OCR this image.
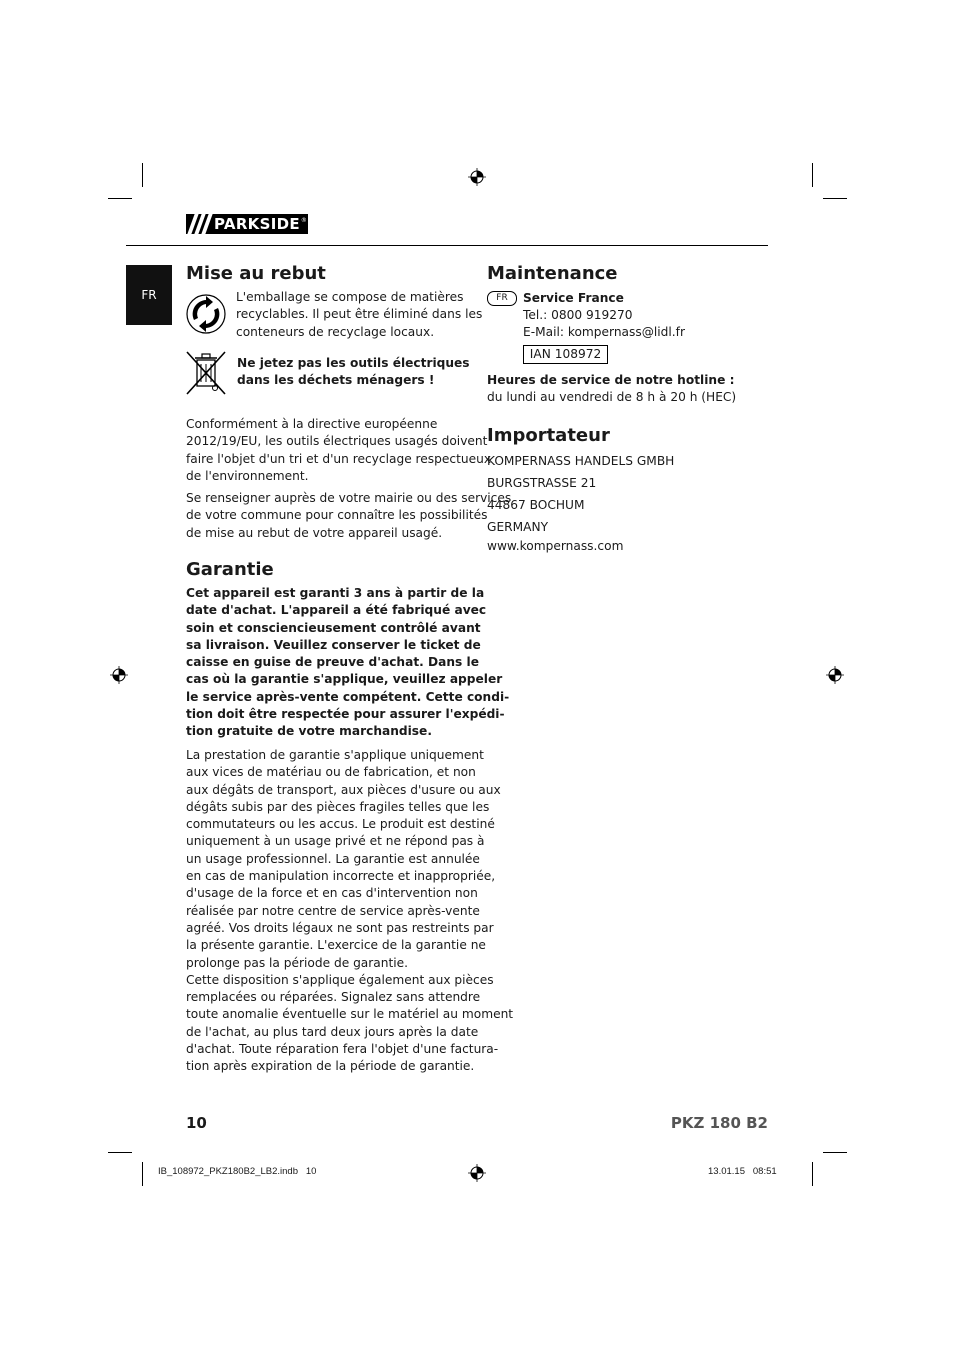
PARKSIDE ®
FR
Mise au rebut
L'emballage se compose de matières
recyclables. Il peut être éliminé dans les
conteneurs de recyclage locaux.
Ne jetez pas les outils électriques
dans les déchets ménagers !
Conformément à la directive européenne
2012/19/EU, les outils électriques usagés doivent
faire l'objet d'un tri et d'un recyclage respectueux
de l'environnement.
Se renseigner auprès de votre mairie ou des services
de votre commune pour connaître les possibilités
de mise au rebut de votre appareil usagé.
Garantie
Cet appareil est garanti 3 ans à partir de la
date d'achat. L'appareil a été fabriqué avec
soin et consciencieusement contrôlé avant
sa livraison. Veuillez conserver le ticket de
caisse en guise de preuve d'achat. Dans le
cas où la garantie s'applique, veuillez appeler
le service après-vente compétent. Cette condi-
tion doit être respectée pour assurer l'expédi-
tion gratuite de votre marchandise.
La prestation de garantie s'applique uniquement
aux vices de matériau ou de fabrication, et non
aux dégâts de transport, aux pièces d'usure ou aux
dégâts subis par des pièces fragiles telles que les
commutateurs ou les accus. Le produit est destiné
uniquement à un usage privé et ne répond pas à
un usage professionnel. La garantie est annulée
en cas de manipulation incorrecte et inappropriée,
d'usage de la force et en cas d'intervention non
réalisée par notre centre de service après-vente
agréé. Vos droits légaux ne sont pas restreints par
la présente garantie. L'exercice de la garantie ne
prolonge pas la période de garantie.
Cette disposition s'applique également aux pièces
remplacées ou réparées. Signalez sans attendre
toute anomalie éventuelle sur le matériel au moment
de l'achat, au plus tard deux jours après la date
d'achat. Toute réparation fera l'objet d'une factura-
tion après expiration de la période de garantie.
Maintenance
FR	Service France
Tel.: 0800 919270
E-Mail: kompernass@lidl.fr
IAN 108972
Heures de service de notre hotline :
du lundi au vendredi de 8 h à 20 h (HEC)
Importateur
KOMPERNASS HANDELS GMBH
BURGSTRASSE 21
44867 BOCHUM
GERMANY
www.kompernass.com
10	PKZ 180 B2
IB_108972_PKZ180B2_LB2.indb   10	13.01.15   08:51
